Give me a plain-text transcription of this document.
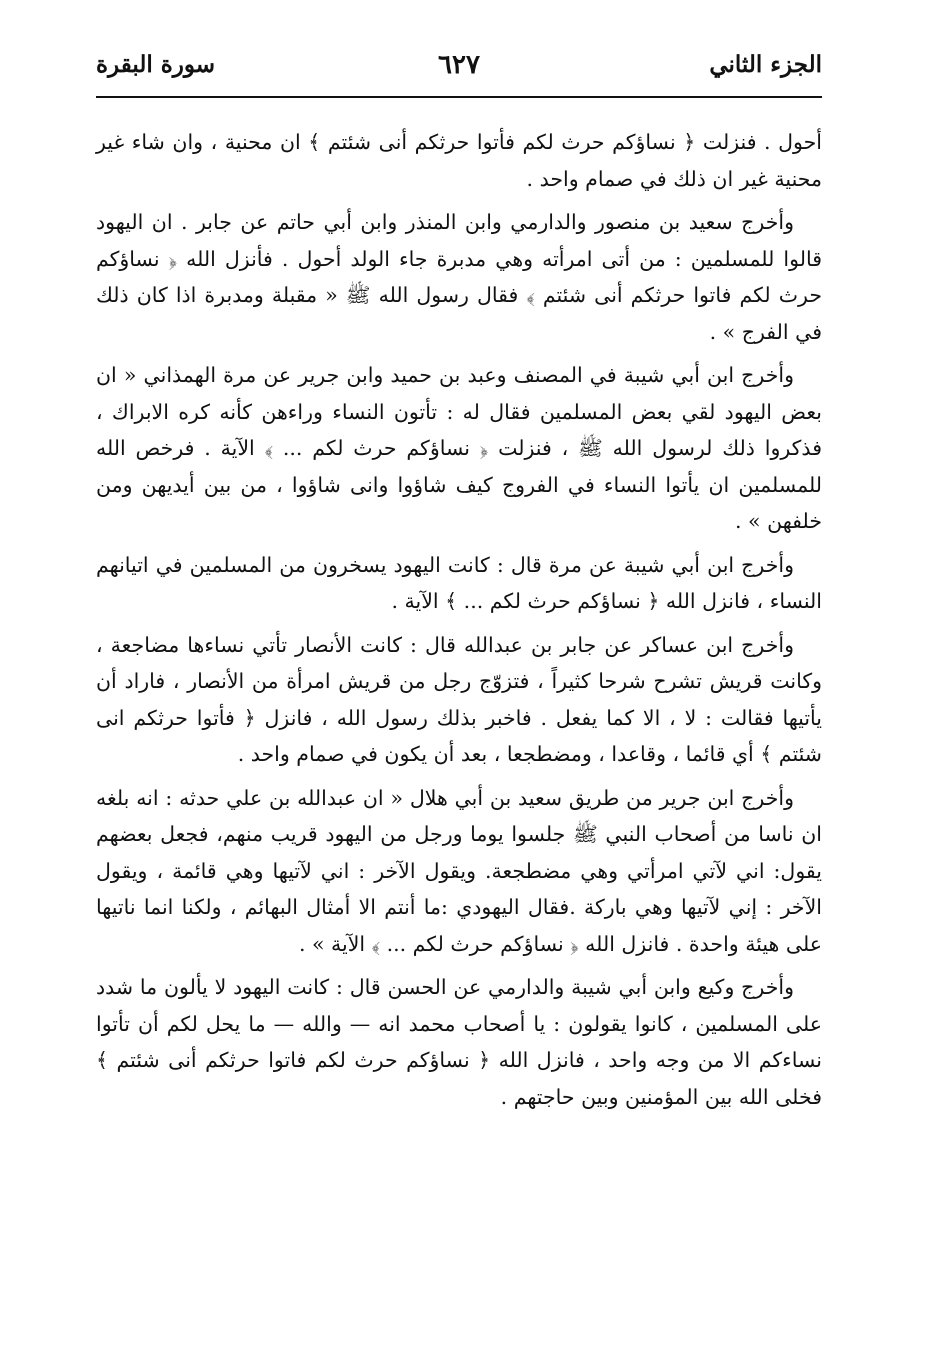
الجزء الثاني
٦٢٧
سورة البقرة

أحول . فنزلت ﴿ نساؤكم حرث لكم فأتوا حرثكم أنى شئتم ﴾ ان محنية ، وان شاء غير محنية غير ان ذلك في صمام واحد .

وأخرج سعيد بن منصور والدارمي وابن المنذر وابن أبي حاتم عن جابر . ان اليهود قالوا للمسلمين : من أتى امرأته وهي مدبرة جاء الولد أحول . فأنزل الله ﴿ نساؤكم حرث لكم فاتوا حرثكم أنى شئتم ﴾ فقال رسول الله ﷺ « مقبلة ومدبرة اذا كان ذلك في الفرج » .

وأخرج ابن أبي شيبة في المصنف وعبد بن حميد وابن جرير عن مرة الهمذاني « ان بعض اليهود لقي بعض المسلمين فقال له : تأتون النساء وراءهن كأنه كره الابراك ، فذكروا ذلك لرسول الله ﷺ ، فنزلت ﴿ نساؤكم حرث لكم ... ﴾ الآية . فرخص الله للمسلمين ان يأتوا النساء في الفروج كيف شاؤوا وانى شاؤوا ، من بين أيديهن ومن خلفهن » .

وأخرج ابن أبي شيبة عن مرة قال : كانت اليهود يسخرون من المسلمين في اتيانهم النساء ، فانزل الله ﴿ نساؤكم حرث لكم ... ﴾ الآية .

وأخرج ابن عساكر عن جابر بن عبدالله قال : كانت الأنصار تأتي نساءها مضاجعة ، وكانت قريش تشرح شرحا كثيراً ، فتزوّج رجل من قريش امرأة من الأنصار ، فاراد أن يأتيها فقالت : لا ، الا كما يفعل . فاخبر بذلك رسول الله ، فانزل ﴿ فأتوا حرثكم انى شئتم ﴾ أي قائما ، وقاعدا ، ومضطجعا ، بعد أن يكون في صمام واحد .

وأخرج ابن جرير من طريق سعيد بن أبي هلال « ان عبدالله بن علي حدثه : انه بلغه ان ناسا من أصحاب النبي ﷺ جلسوا يوما ورجل من اليهود قريب منهم، فجعل بعضهم يقول: اني لآتي امرأتي وهي مضطجعة. ويقول الآخر : اني لآتيها وهي قائمة ، ويقول الآخر : إني لآتيها وهي باركة .فقال اليهودي :ما أنتم الا أمثال البهائم ، ولكنا انما ناتيها على هيئة واحدة . فانزل الله ﴿ نساؤكم حرث لكم ... ﴾ الآية » .

وأخرج وكيع وابن أبي شيبة والدارمي عن الحسن قال : كانت اليهود لا يألون ما شدد على المسلمين ، كانوا يقولون : يا أصحاب محمد انه — والله — ما يحل لكم أن تأتوا نساءكم الا من وجه واحد ، فانزل الله ﴿ نساؤكم حرث لكم فاتوا حرثكم أنى شئتم ﴾ فخلى الله بين المؤمنين وبين حاجتهم .
